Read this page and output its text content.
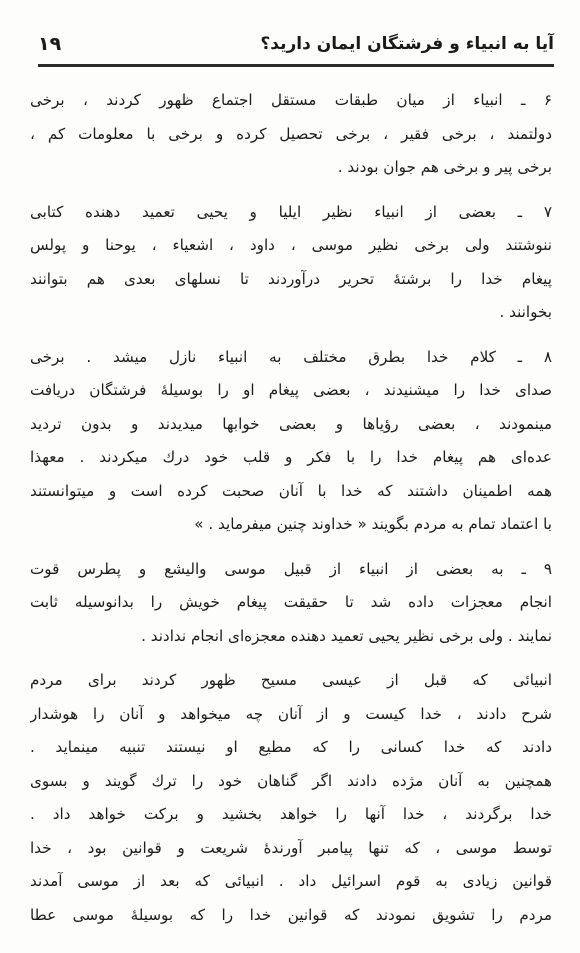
آیا به انبیاء و فرشتگان ایمان دارید؟
۱۹
۶ ـ انبیاء از میان طبقات مستقل اجتماع ظهور کردند ، برخی
دولتمند ، برخی فقیر ، برخی تحصیل کرده و برخی با معلومات کم ،
برخی پیر و برخی هم جوان بودند .
۷ ـ بعضی از انبیاء نظیر ایلیا و یحیی تعمید دهنده کتابی
ننوشتند ولی برخی نظیر موسی ، داود ، اشعیاء ، یوحنا و پولس
پیغام خدا را برشتهٔ تحریر درآوردند تا نسلهای بعدی هم بتوانند
بخوانند .
۸ ـ کلام خدا بطرق مختلف به انبیاء نازل میشد . برخی
صدای خدا را میشنیدند ، بعضی پیغام او را بوسیلهٔ فرشتگان دریافت
مینمودند ، بعضی رؤیاها و بعضی خوابها میدیدند و بدون تردید
عده‌ای هم پیغام خدا را با فکر و قلب خود درك میکردند . معهذا
همه اطمینان داشتند که خدا با آنان صحبت کرده است و میتوانستند
با اعتماد تمام به مردم بگویند « خداوند چنین میفرماید . »
۹ ـ به بعضی از انبیاء از قبیل موسی والیشع و پطرس قوت
انجام معجزات داده شد تا حقیقت پیغام خویش را بدانوسیله ثابت
نمایند . ولی برخی نظیر یحیی تعمید دهنده معجزه‌ای انجام ندادند .
انبیائی که قبل از عیسی مسیح ظهور کردند برای مردم
شرح دادند ، خدا کیست و از آنان چه میخواهد و آنان را هوشدار
دادند که خدا کسانی را که مطیع او نیستند تنبیه مینماید .
همچنین به آنان مژده دادند اگر گناهان خود را ترك گویند و بسوی
خدا برگردند ، خدا آنها را خواهد بخشید و برکت خواهد داد .
توسط موسی ، که تنها پیامبر آورندهٔ شریعت و قوانین بود ، خدا
قوانین زیادی به قوم اسرائیل داد . انبیائی که بعد از موسی آمدند
مردم را تشویق نمودند که قوانین خدا را که بوسیلهٔ موسی عطا
